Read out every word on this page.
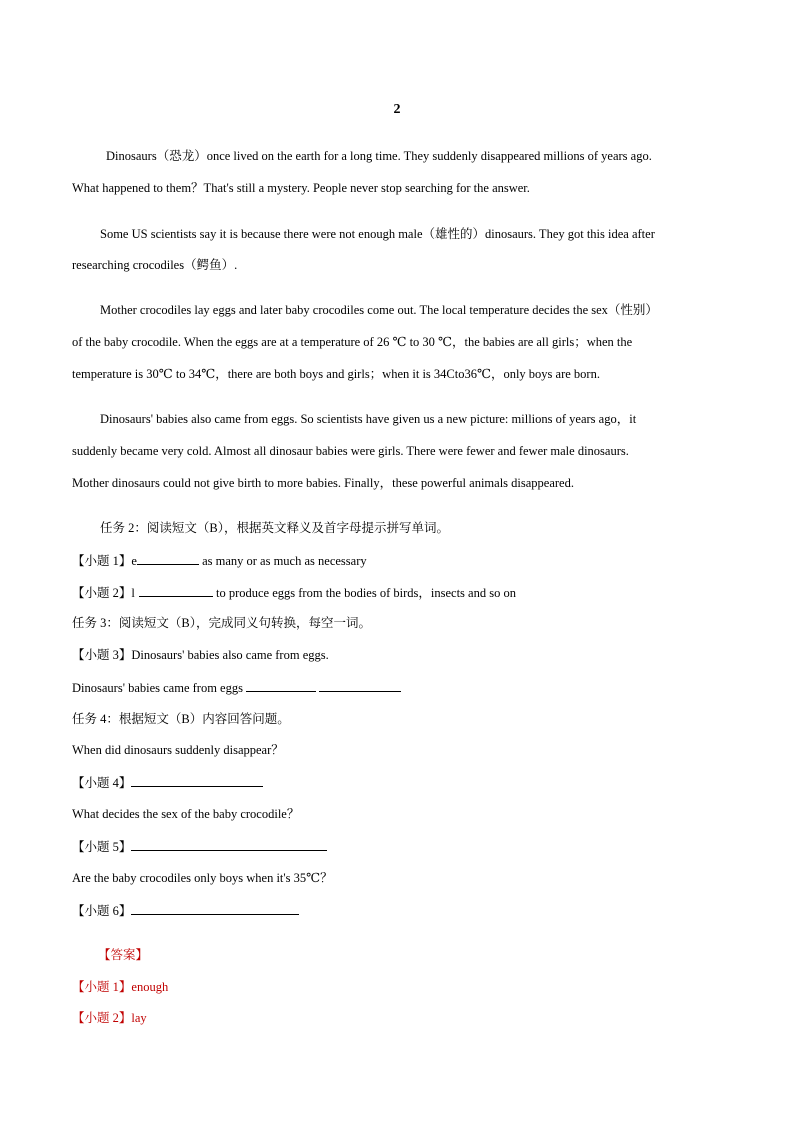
2
Dinosaurs（恐龙）once lived on the earth for a long time. They suddenly disappeared millions of years ago.
What happened to them？That's still a mystery. People never stop searching for the answer.
Some US scientists say it is because there were not enough male（雄性的）dinosaurs. They got this idea after
researching crocodiles（鳄鱼）.
Mother crocodiles lay eggs and later baby crocodiles come out. The local temperature decides the sex（性别）
of the baby crocodile. When the eggs are at a temperature of 26 ℃ to 30 ℃，the babies are all girls；when the
temperature is 30℃ to 34℃，there are both boys and girls；when it is 34Cto36℃，only boys are born.
Dinosaurs' babies also came from eggs. So scientists have given us a new picture: millions of years ago，it
suddenly became very cold. Almost all dinosaur babies were girls. There were fewer and fewer male dinosaurs.
Mother dinosaurs could not give birth to more babies. Finally，these powerful animals disappeared.
任务 2：阅读短文（B），根据英文释义及首字母提示拼写单词。
【小题 1】e	as many or as much as necessary
【小题 2】l	to produce eggs from the bodies of birds，insects and so on
任务 3：阅读短文（B），完成同义句转换，每空一词。
【小题 3】Dinosaurs' babies also came from eggs.
Dinosaurs' babies came from eggs
任务 4：根据短文（B）内容回答问题。
When did dinosaurs suddenly disappear？
【小题 4】
What decides the sex of the baby crocodile？
【小题 5】
Are the baby crocodiles only boys when it's 35℃？
【小题 6】
【答案】
【小题 1】enough
【小题 2】lay
